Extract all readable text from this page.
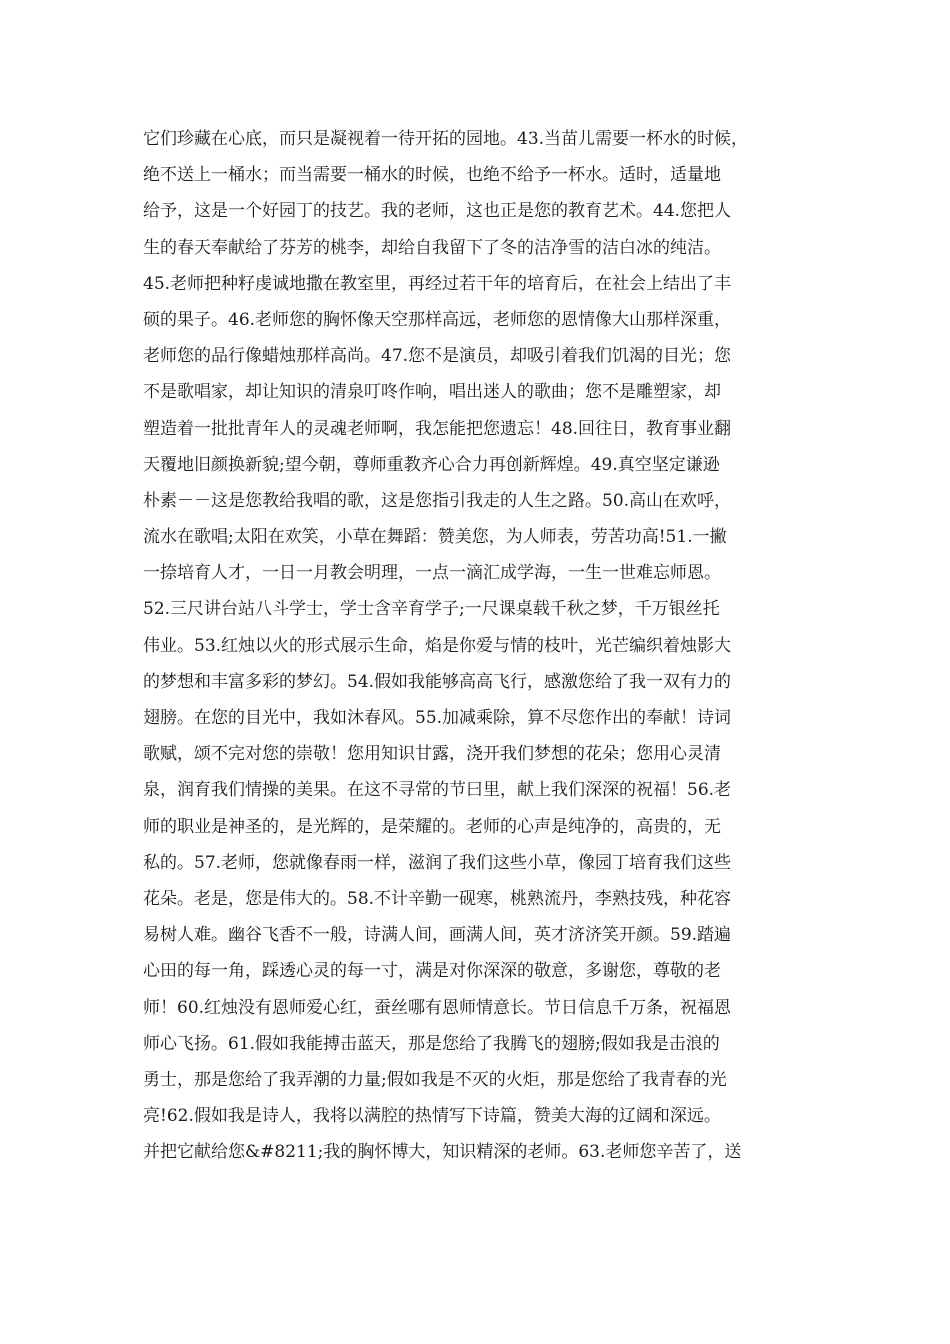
它们珍藏在心底，而只是凝视着一待开拓的园地。43.当苗儿需要一杯水的时候，
绝不送上一桶水；而当需要一桶水的时候，也绝不给予一杯水。适时，适量地
给予，这是一个好园丁的技艺。我的老师，这也正是您的教育艺术。44.您把人
生的春天奉献给了芬芳的桃李，却给自我留下了冬的洁净雪的洁白冰的纯洁。
45.老师把种籽虔诚地撒在教室里，再经过若干年的培育后，在社会上结出了丰
硕的果子。46.老师您的胸怀像天空那样高远，老师您的恩情像大山那样深重，
老师您的品行像蜡烛那样高尚。47.您不是演员，却吸引着我们饥渴的目光；您
不是歌唱家，却让知识的清泉叮咚作响，唱出迷人的歌曲；您不是雕塑家，却
塑造着一批批青年人的灵魂老师啊，我怎能把您遗忘！48.回往日，教育事业翻
天覆地旧颜换新貌;望今朝，尊师重教齐心合力再创新辉煌。49.真空坚定谦逊
朴素－－这是您教给我唱的歌，这是您指引我走的人生之路。50.高山在欢呼，
流水在歌唱;太阳在欢笑，小草在舞蹈：赞美您，为人师表，劳苦功高!51.一撇
一捺培育人才，一日一月教会明理，一点一滴汇成学海，一生一世难忘师恩。
52.三尺讲台站八斗学士，学士含辛育学子;一尺课桌载千秋之梦，千万银丝托
伟业。53.红烛以火的形式展示生命，焰是你爱与情的枝叶，光芒编织着烛影大
的梦想和丰富多彩的梦幻。54.假如我能够高高飞行，感激您给了我一双有力的
翅膀。在您的目光中，我如沐春风。55.加减乘除，算不尽您作出的奉献！诗词
歌赋，颂不完对您的崇敬！您用知识甘露，浇开我们梦想的花朵；您用心灵清
泉，润育我们情操的美果。在这不寻常的节曰里，献上我们深深的祝福！56.老
师的职业是神圣的，是光辉的，是荣耀的。老师的心声是纯净的，高贵的，无
私的。57.老师，您就像春雨一样，滋润了我们这些小草，像园丁培育我们这些
花朵。老是，您是伟大的。58.不计辛勤一砚寒，桃熟流丹，李熟技残，种花容
易树人难。幽谷飞香不一般，诗满人间，画满人间，英才济济笑开颜。59.踏遍
心田的每一角，踩透心灵的每一寸，满是对你深深的敬意，多谢您，尊敬的老
师！60.红烛没有恩师爱心红，蚕丝哪有恩师情意长。节日信息千万条，祝福恩
师心飞扬。61.假如我能搏击蓝天，那是您给了我腾飞的翅膀;假如我是击浪的
勇士，那是您给了我弄潮的力量;假如我是不灭的火炬，那是您给了我青春的光
亮!62.假如我是诗人，我将以满腔的热情写下诗篇，赞美大海的辽阔和深远。
并把它献给您&#8211;我的胸怀博大，知识精深的老师。63.老师您辛苦了，送
